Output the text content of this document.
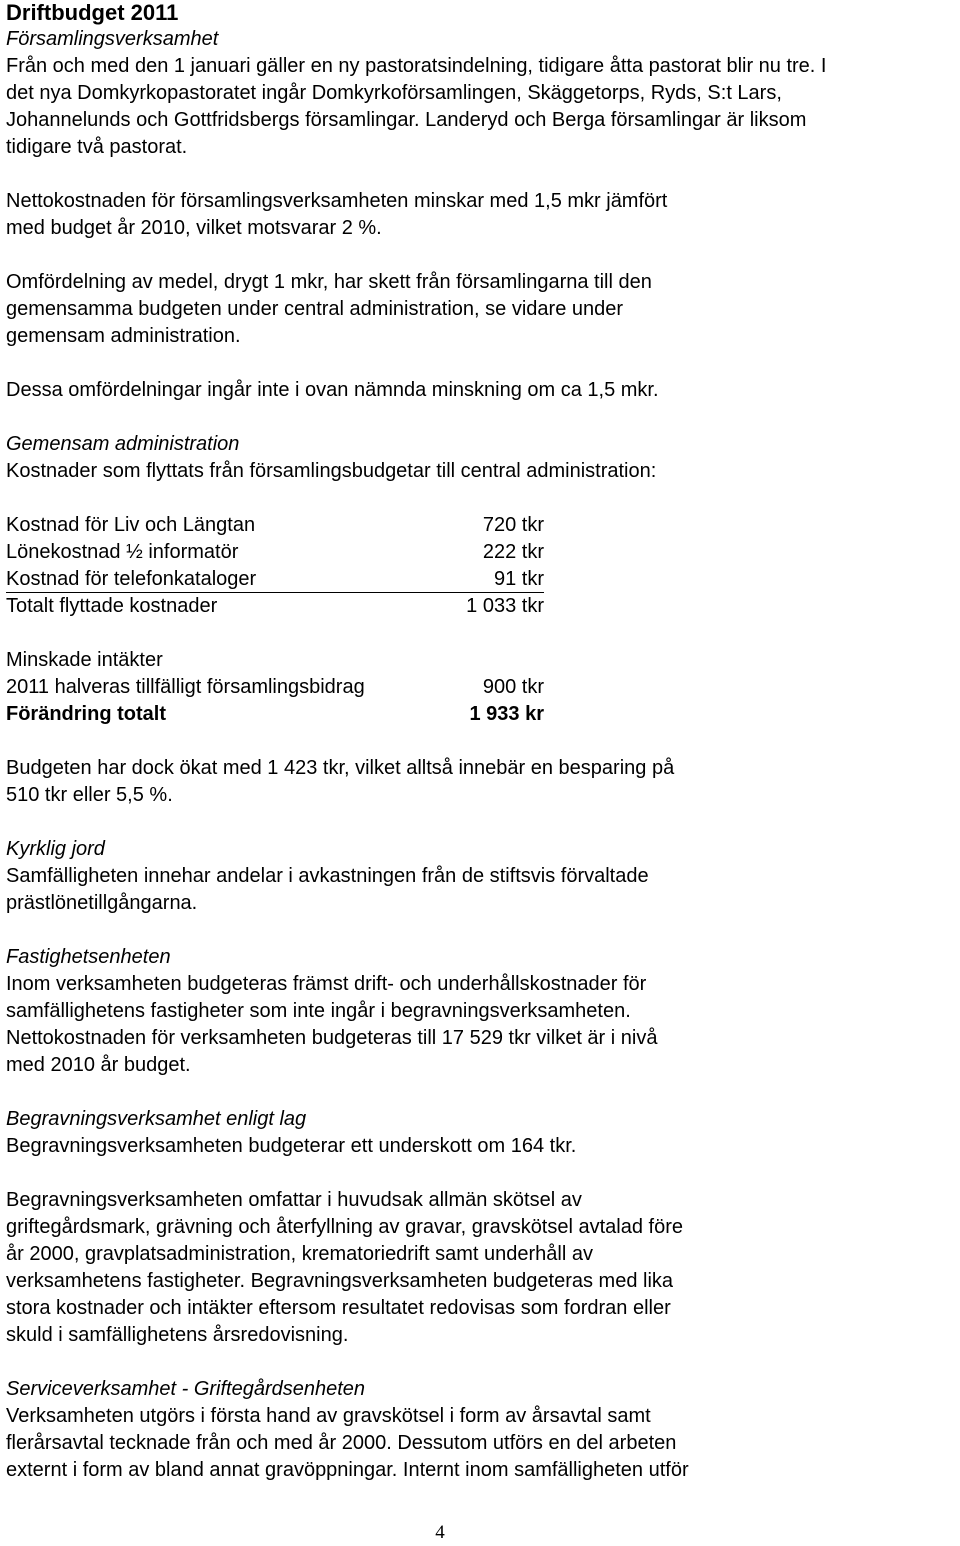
Driftbudget 2011
Församlingsverksamhet
Från och med den 1 januari gäller en ny pastoratsindelning, tidigare åtta pastorat blir nu tre. I
det nya Domkyrkopastoratet ingår Domkyrkoförsamlingen, Skäggetorps, Ryds, S:t Lars,
Johannelunds och Gottfridsbergs församlingar. Landeryd och Berga församlingar är liksom
tidigare två pastorat.
Nettokostnaden för församlingsverksamheten minskar med 1,5 mkr jämfört
med budget år 2010, vilket motsvarar 2 %.
Omfördelning av medel, drygt 1 mkr, har skett från församlingarna till den
gemensamma budgeten under central administration, se vidare under
gemensam administration.
Dessa omfördelningar ingår inte i ovan nämnda minskning om ca 1,5 mkr.
Gemensam administration
Kostnader som flyttats från församlingsbudgetar till central administration:
Kostnad för Liv och Längtan	720 tkr
Lönekostnad ½ informatör	222 tkr
Kostnad för telefonkataloger	91 tkr
Totalt flyttade kostnader	1 033 tkr
Minskade intäkter
2011 halveras tillfälligt församlingsbidrag	900 tkr
Förändring totalt	1 933 kr
Budgeten har dock ökat med 1 423 tkr, vilket alltså innebär en besparing på
510 tkr eller 5,5 %.
Kyrklig jord
Samfälligheten innehar andelar i avkastningen från de stiftsvis förvaltade
prästlönetillgångarna.
Fastighetsenheten
Inom verksamheten budgeteras främst drift- och underhållskostnader för
samfällighetens fastigheter som inte ingår i begravningsverksamheten.
Nettokostnaden för verksamheten budgeteras till 17 529 tkr vilket är i nivå
med 2010 år budget.
Begravningsverksamhet enligt lag
Begravningsverksamheten budgeterar ett underskott om 164 tkr.
Begravningsverksamheten omfattar i huvudsak allmän skötsel av
griftegårdsmark, grävning och återfyllning av gravar, gravskötsel avtalad före
år 2000, gravplatsadministration, krematoriedrift samt underhåll av
verksamhetens fastigheter. Begravningsverksamheten budgeteras med lika
stora kostnader och intäkter eftersom resultatet redovisas som fordran eller
skuld i samfällighetens årsredovisning.
Serviceverksamhet - Griftegårdsenheten
Verksamheten utgörs i första hand av gravskötsel i form av årsavtal samt
flerårsavtal tecknade från och med år 2000. Dessutom utförs en del arbeten
externt i form av bland annat gravöppningar. Internt inom samfälligheten utför
4
